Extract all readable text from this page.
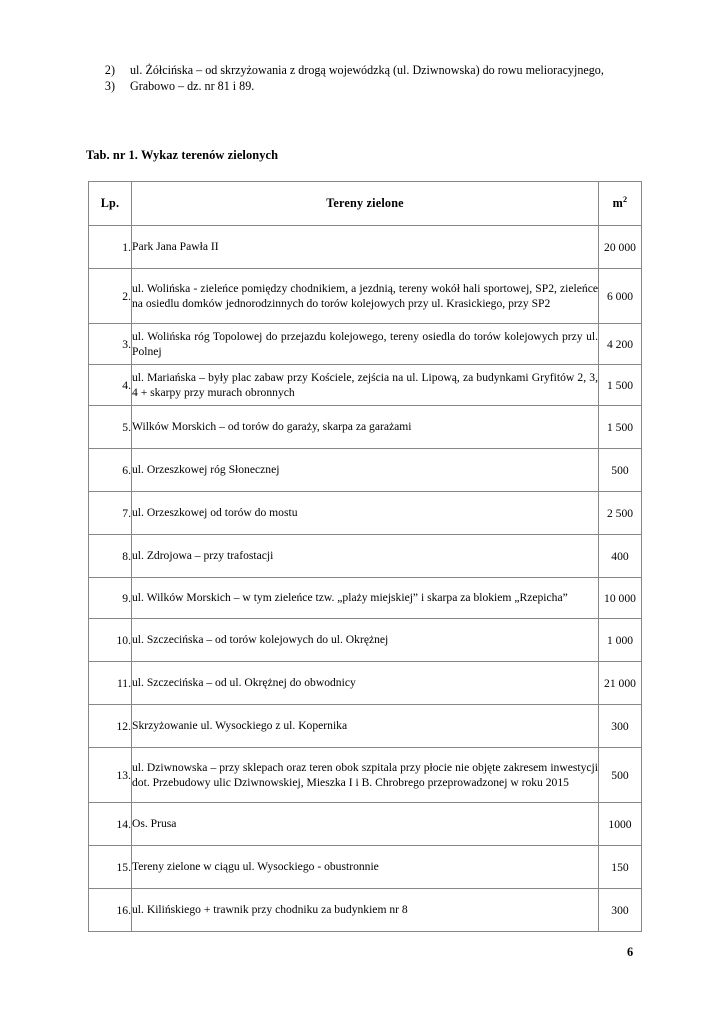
2)	ul. Żółcińska – od skrzyżowania z drogą wojewódzką (ul. Dziwnowska) do rowu melioracyjnego,
3)	Grabowo – dz. nr 81 i 89.
Tab. nr 1. Wykaz terenów zielonych
Lp.	Tereny zielone	$m^2$
1.	Park Jana Pawła II	20 000
2.	ul. Wolińska - zieleńce pomiędzy chodnikiem, a jezdnią, tereny wokół hali sportowej, SP2, zieleńce na osiedlu domków jednorodzinnych do torów kolejowych przy ul. Krasickiego, przy SP2	6 000
3.	ul. Wolińska róg Topolowej do przejazdu kolejowego, tereny osiedla do torów kolejowych przy ul. Polnej	4 200
4.	ul. Mariańska – były plac zabaw przy Kościele, zejścia na ul. Lipową, za budynkami Gryfitów 2, 3, 4 + skarpy przy murach obronnych	1 500
5.	Wilków Morskich – od torów do garaży, skarpa za garażami	1 500
6.	ul. Orzeszkowej róg Słonecznej	500
7.	ul. Orzeszkowej od torów do mostu	2 500
8.	ul. Zdrojowa – przy trafostacji	400
9.	ul. Wilków Morskich – w tym zieleńce tzw. „plaży miejskiej” i skarpa za blokiem „Rzepicha”	10 000
10.	ul. Szczecińska – od torów kolejowych do ul. Okrężnej	1 000
11.	ul. Szczecińska – od ul. Okrężnej do obwodnicy	21 000
12.	Skrzyżowanie ul. Wysockiego z ul. Kopernika	300
13.	ul. Dziwnowska – przy sklepach oraz teren obok szpitala przy płocie nie objęte zakresem inwestycji dot. Przebudowy ulic Dziwnowskiej, Mieszka I i B. Chrobrego przeprowadzonej w roku 2015	500
14.	Os. Prusa	1000
15.	Tereny zielone w ciągu ul. Wysockiego - obustronnie	150
16.	ul. Kilińskiego + trawnik przy chodniku za budynkiem nr 8	300
6
